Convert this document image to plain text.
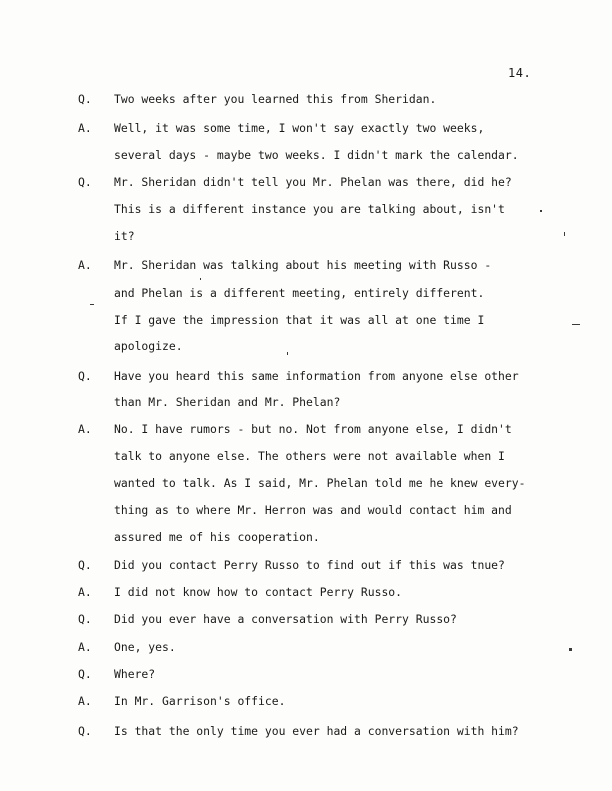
14.
Q. Two weeks after you learned this from Sheridan.
A. Well, it was some time, I won't say exactly two weeks,
several days - maybe two weeks. I didn't mark the calendar.
Q. Mr. Sheridan didn't tell you Mr. Phelan was there, did he?
This is a different instance you are talking about, isn't
it?
A. Mr. Sheridan was talking about his meeting with Russo -
and Phelan is a different meeting, entirely different.
If I gave the impression that it was all at one time I
apologize.
Q. Have you heard this same information from anyone else other
than Mr. Sheridan and Mr. Phelan?
A. No. I have rumors - but no. Not from anyone else, I didn't
talk to anyone else. The others were not available when I
wanted to talk. As I said, Mr. Phelan told me he knew every-
thing as to where Mr. Herron was and would contact him and
assured me of his cooperation.
Q. Did you contact Perry Russo to find out if this was tnue?
A. I did not know how to contact Perry Russo.
Q. Did you ever have a conversation with Perry Russo?
A. One, yes.
Q. Where?
A. In Mr. Garrison's office.
Q. Is that the only time you ever had a conversation with him?
